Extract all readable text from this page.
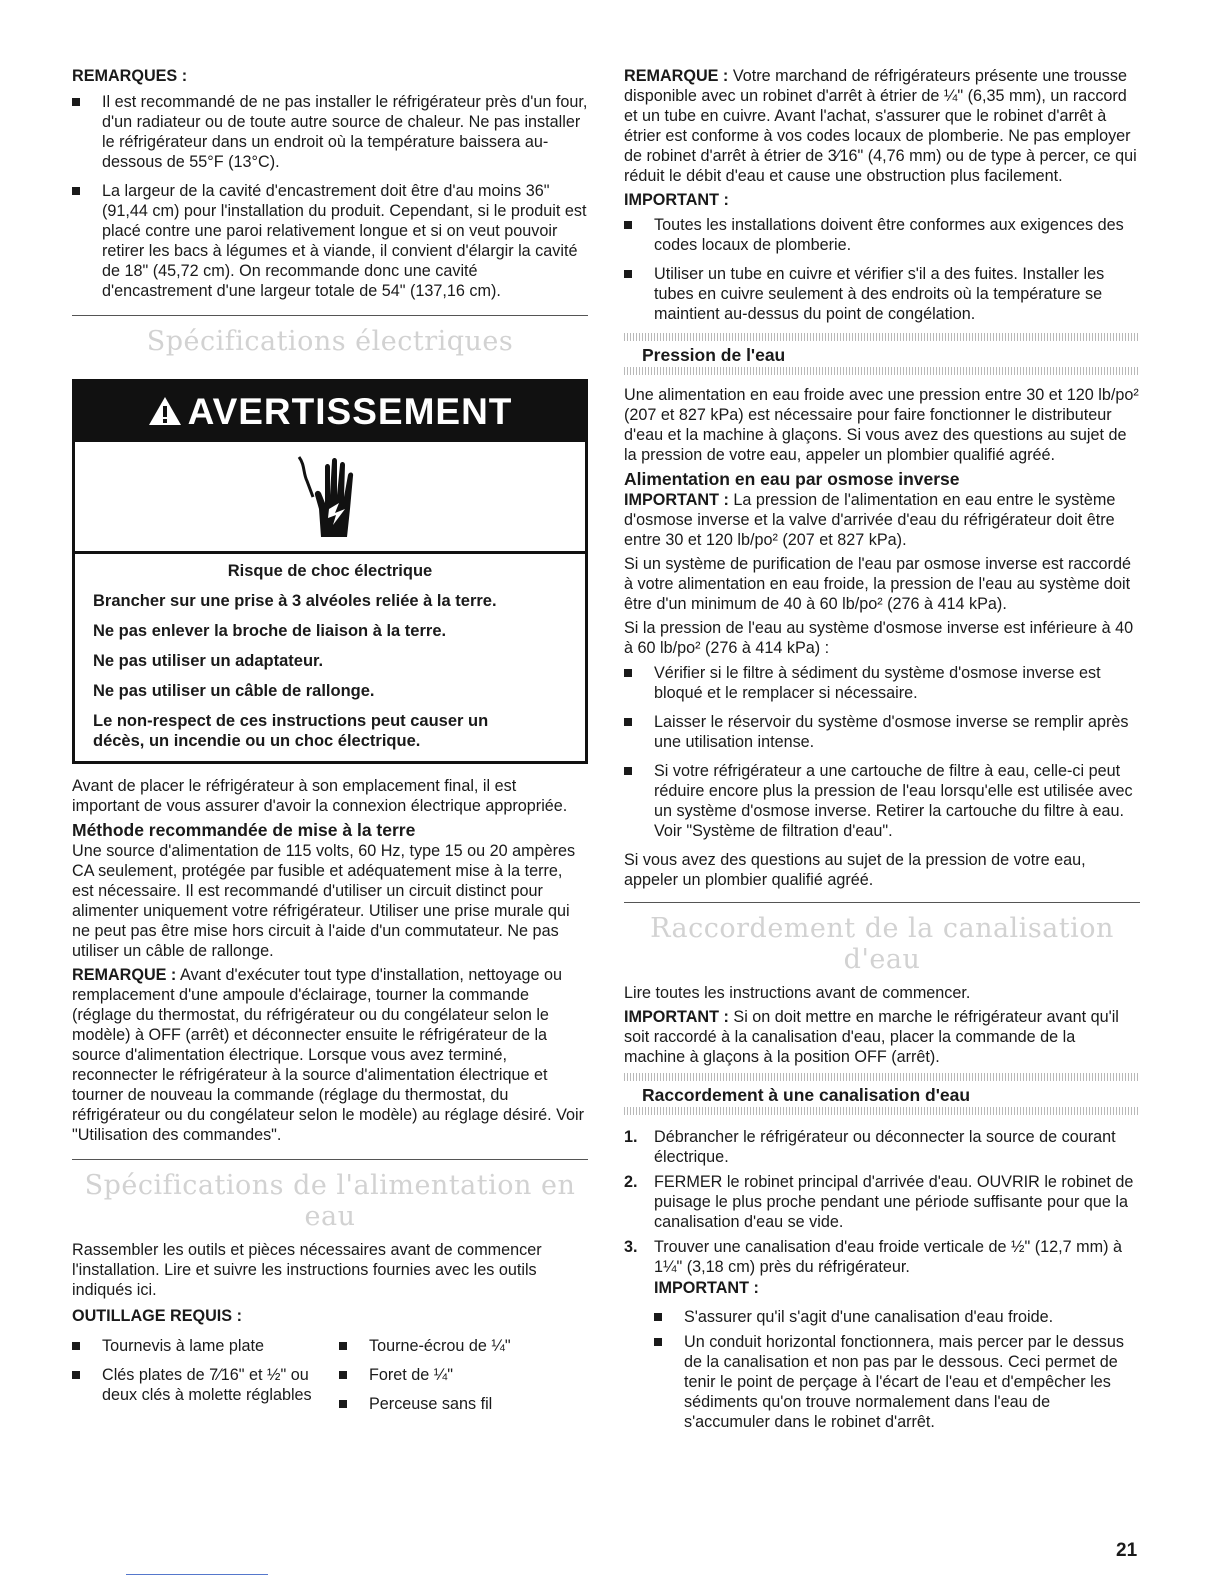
REMARQUES :
Il est recommandé de ne pas installer le réfrigérateur près d'un four, d'un radiateur ou de toute autre source de chaleur. Ne pas installer le réfrigérateur dans un endroit où la température baissera au-dessous de 55°F (13°C).
La largeur de la cavité d'encastrement doit être d'au moins 36" (91,44 cm) pour l'installation du produit. Cependant, si le produit est placé contre une paroi relativement longue et si on veut pouvoir retirer les bacs à légumes et à viande, il convient d'élargir la cavité de 18" (45,72 cm). On recommande donc une cavité d'encastrement d'une largeur totale de 54" (137,16 cm).
Spécifications électriques
AVERTISSEMENT
Risque de choc électrique
Brancher sur une prise à 3 alvéoles reliée à la terre.
Ne pas enlever la broche de liaison à la terre.
Ne pas utiliser un adaptateur.
Ne pas utiliser un câble de rallonge.
Le non-respect de ces instructions peut causer un décès, un incendie ou un choc électrique.

Avant de placer le réfrigérateur à son emplacement final, il est important de vous assurer d'avoir la connexion électrique appropriée.

Méthode recommandée de mise à la terre

Une source d'alimentation de 115 volts, 60 Hz, type 15 ou 20 ampères CA seulement, protégée par fusible et adéquatement mise à la terre, est nécessaire. Il est recommandé d'utiliser un circuit distinct pour alimenter uniquement votre réfrigérateur. Utiliser une prise murale qui ne peut pas être mise hors circuit à l'aide d'un commutateur. Ne pas utiliser un câble de rallonge.

REMARQUE : Avant d'exécuter tout type d'installation, nettoyage ou remplacement d'une ampoule d'éclairage, tourner la commande (réglage du thermostat, du réfrigérateur ou du congélateur selon le modèle) à OFF (arrêt) et déconnecter ensuite le réfrigérateur de la source d'alimentation électrique. Lorsque vous avez terminé, reconnecter le réfrigérateur à la source d'alimentation électrique et tourner de nouveau la commande (réglage du thermostat, du réfrigérateur ou du congélateur selon le modèle) au réglage désiré. Voir "Utilisation des commandes".

Spécifications de l'alimentation en eau

Rassembler les outils et pièces nécessaires avant de commencer l'installation. Lire et suivre les instructions fournies avec les outils indiqués ici.

OUTILLAGE REQUIS :
Tournevis à lame plate
Clés plates de 7⁄16" et ½" ou deux clés à molette réglables
Tourne-écrou de ¼"
Foret de ¼"
Perceuse sans fil

REMARQUE : Votre marchand de réfrigérateurs présente une trousse disponible avec un robinet d'arrêt à étrier de ¼" (6,35 mm), un raccord et un tube en cuivre. Avant l'achat, s'assurer que le robinet d'arrêt à étrier est conforme à vos codes locaux de plomberie. Ne pas employer de robinet d'arrêt à étrier de 3⁄16" (4,76 mm) ou de type à percer, ce qui réduit le débit d'eau et cause une obstruction plus facilement.

IMPORTANT :
Toutes les installations doivent être conformes aux exigences des codes locaux de plomberie.
Utiliser un tube en cuivre et vérifier s'il a des fuites. Installer les tubes en cuivre seulement à des endroits où la température se maintient au-dessus du point de congélation.
Pression de l'eau

Une alimentation en eau froide avec une pression entre 30 et 120 lb/po² (207 et 827 kPa) est nécessaire pour faire fonctionner le distributeur d'eau et la machine à glaçons. Si vous avez des questions au sujet de la pression de votre eau, appeler un plombier qualifié agréé.

Alimentation en eau par osmose inverse

IMPORTANT : La pression de l'alimentation en eau entre le système d'osmose inverse et la valve d'arrivée d'eau du réfrigérateur doit être entre 30 et 120 lb/po² (207 et 827 kPa).

Si un système de purification de l'eau par osmose inverse est raccordé à votre alimentation en eau froide, la pression de l'eau au système doit être d'un minimum de 40 à 60 lb/po² (276 à 414 kPa).

Si la pression de l'eau au système d'osmose inverse est inférieure à 40 à 60 lb/po² (276 à 414 kPa) :

Vérifier si le filtre à sédiment du système d'osmose inverse est bloqué et le remplacer si nécessaire.
Laisser le réservoir du système d'osmose inverse se remplir après une utilisation intense.
Si votre réfrigérateur a une cartouche de filtre à eau, celle-ci peut réduire encore plus la pression de l'eau lorsqu'elle est utilisée avec un système d'osmose inverse. Retirer la cartouche du filtre à eau. Voir "Système de filtration d'eau".

Si vous avez des questions au sujet de la pression de votre eau, appeler un plombier qualifié agréé.

Raccordement de la canalisation d'eau

Lire toutes les instructions avant de commencer.

IMPORTANT : Si on doit mettre en marche le réfrigérateur avant qu'il soit raccordé à la canalisation d'eau, placer la commande de la machine à glaçons à la position OFF (arrêt).

Raccordement à une canalisation d'eau
1. Débrancher le réfrigérateur ou déconnecter la source de courant électrique.
2. FERMER le robinet principal d'arrivée d'eau. OUVRIR le robinet de puisage le plus proche pendant une période suffisante pour que la canalisation d'eau se vide.
3. Trouver une canalisation d'eau froide verticale de ½" (12,7 mm) à 1¼" (3,18 cm) près du réfrigérateur.
IMPORTANT :
S'assurer qu'il s'agit d'une canalisation d'eau froide.
Un conduit horizontal fonctionnera, mais percer par le dessus de la canalisation et non pas par le dessous. Ceci permet de tenir le point de perçage à l'écart de l'eau et d'empêcher les sédiments qu'on trouve normalement dans l'eau de s'accumuler dans le robinet d'arrêt.
21
